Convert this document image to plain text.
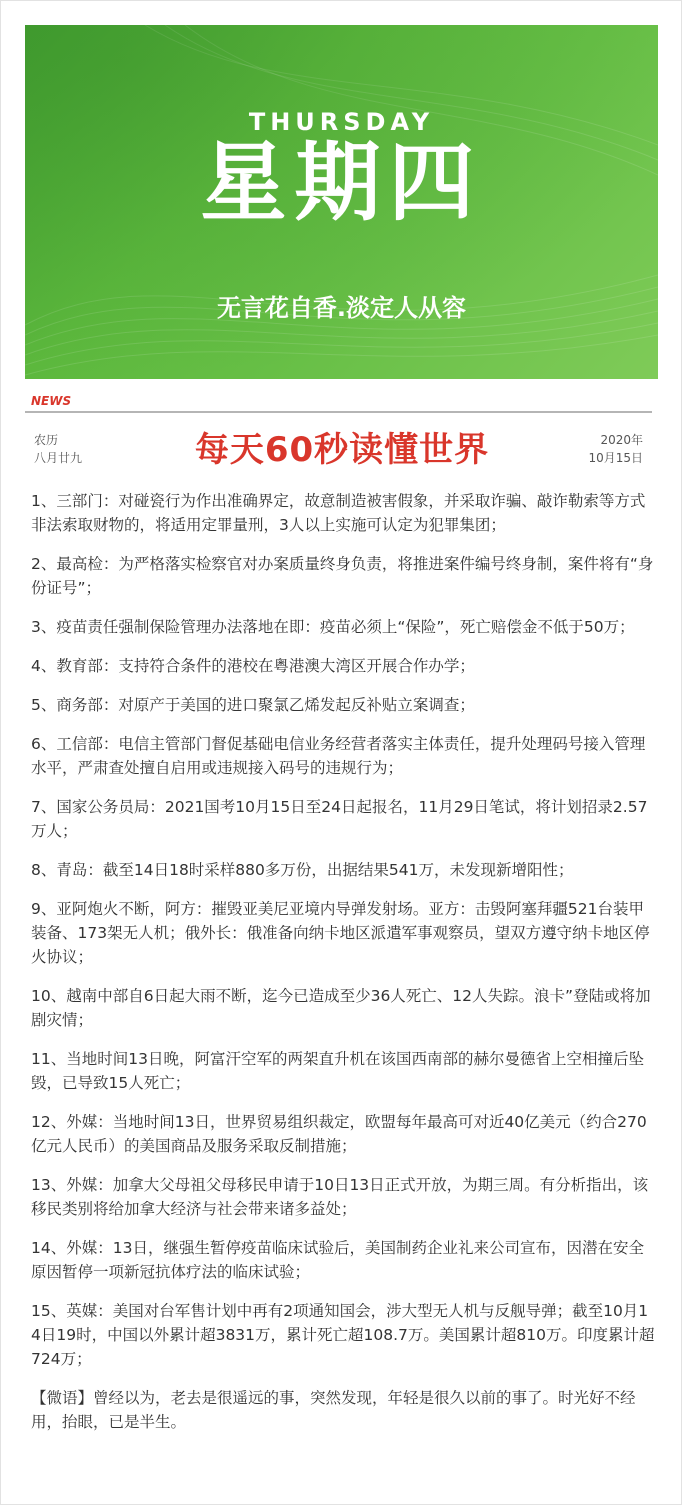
THURSDAY
星期四
无言花自香.淡定人从容
NEWS
农历
八月廿九	每天60秒读懂世界	2020年
10月15日

1、三部门：对碰瓷行为作出准确界定，故意制造被害假象，并采取诈骗、敲诈勒索等方式非法索取财物的，将适用定罪量刑，3人以上实施可认定为犯罪集团；

2、最高检：为严格落实检察官对办案质量终身负责，将推进案件编号终身制，案件将有“身份证号”；

3、疫苗责任强制保险管理办法落地在即：疫苗必须上“保险”，死亡赔偿金不低于50万；

4、教育部：支持符合条件的港校在粤港澳大湾区开展合作办学；

5、商务部：对原产于美国的进口聚氯乙烯发起反补贴立案调查；

6、工信部：电信主管部门督促基础电信业务经营者落实主体责任，提升处理码号接入管理水平，严肃查处擅自启用或违规接入码号的违规行为；

7、国家公务员局：2021国考10月15日至24日起报名，11月29日笔试，将计划招录2.57万人；

8、青岛：截至14日18时采样880多万份，出据结果541万，未发现新增阳性；

9、亚阿炮火不断，阿方：摧毁亚美尼亚境内导弹发射场。亚方：击毁阿塞拜疆521台装甲装备、173架无人机；俄外长：俄准备向纳卡地区派遣军事观察员，望双方遵守纳卡地区停火协议；

10、越南中部自6日起大雨不断，迄今已造成至少36人死亡、12人失踪。浪卡”登陆或将加剧灾情；

11、当地时间13日晚，阿富汗空军的两架直升机在该国西南部的赫尔曼德省上空相撞后坠毁，已导致15人死亡；

12、外媒：当地时间13日，世界贸易组织裁定，欧盟每年最高可对近40亿美元（约合270亿元人民币）的美国商品及服务采取反制措施；

13、外媒：加拿大父母祖父母移民申请于10日13日正式开放，为期三周。有分析指出，该移民类别将给加拿大经济与社会带来诸多益处；

14、外媒：13日，继强生暂停疫苗临床试验后，美国制药企业礼来公司宣布，因潜在安全原因暂停一项新冠抗体疗法的临床试验；

15、英媒：美国对台军售计划中再有2项通知国会，涉大型无人机与反舰导弹；截至10月14日19时，中国以外累计超3831万，累计死亡超108.7万。美国累计超810万。印度累计超724万；

【微语】曾经以为，老去是很遥远的事，突然发现，年轻是很久以前的事了。时光好不经用，抬眼，已是半生。
